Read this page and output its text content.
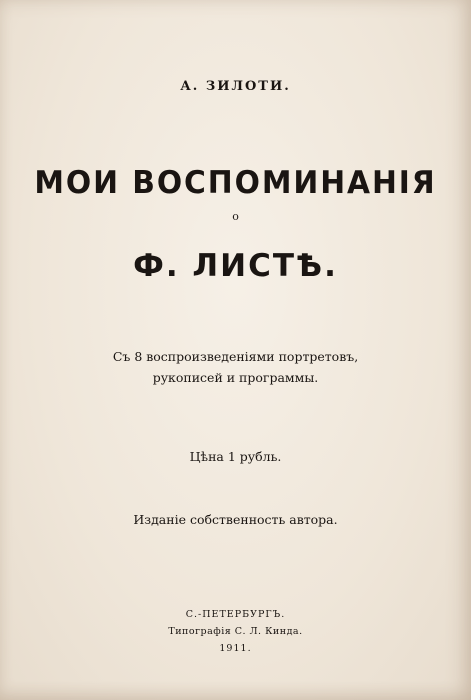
А. ЗИЛОТИ.
МОИ ВОСПОМИНАНІЯ
о
Ф. ЛИСТѢ.
Съ 8 воспроизведеніями портретовъ,
рукописей и программы.
Цѣна 1 рубль.
Изданіе собственность автора.
С.-ПЕТЕРБУРГЪ.
Типографія С. Л. Кинда.
1911.
